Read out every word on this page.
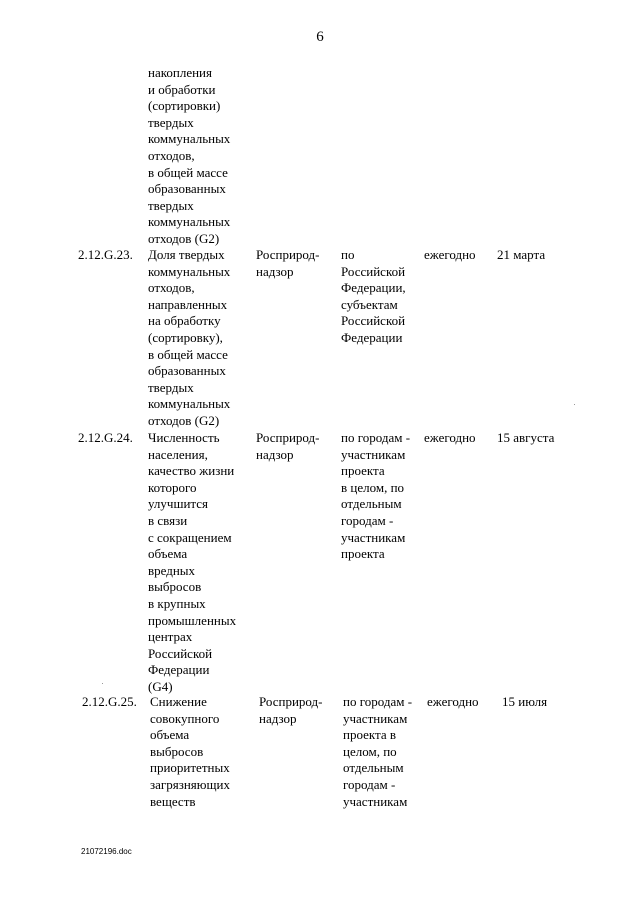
6
накопления
и обработки
(сортировки)
твердых
коммунальных
отходов,
в общей массе
образованных
твердых
коммунальных
отходов (G2)
2.12.G.23. Доля твердых
коммунальных
отходов,
направленных
на обработку
(сортировку),
в общей массе
образованных
твердых
коммунальных
отходов (G2)
Росприрод-
надзор
по
Российской
Федерации,
субъектам
Российской
Федерации
ежегодно 21 марта
2.12.G.24. Численность
населения,
качество жизни
которого
улучшится
в связи
с сокращением
объема
вредных
выбросов
в крупных
промышленных
центрах
Российской
Федерации
(G4)
Росприрод-
надзор
по городам -
участникам
проекта
в целом, по
отдельным
городам -
участникам
проекта
ежегодно 15 августа
2.12.G.25. Снижение
совокупного
объема
выбросов
приоритетных
загрязняющих
веществ
Росприрод-
надзор
по городам -
участникам
проекта в
целом, по
отдельным
городам -
участникам
ежегодно 15 июля
21072196.doc
